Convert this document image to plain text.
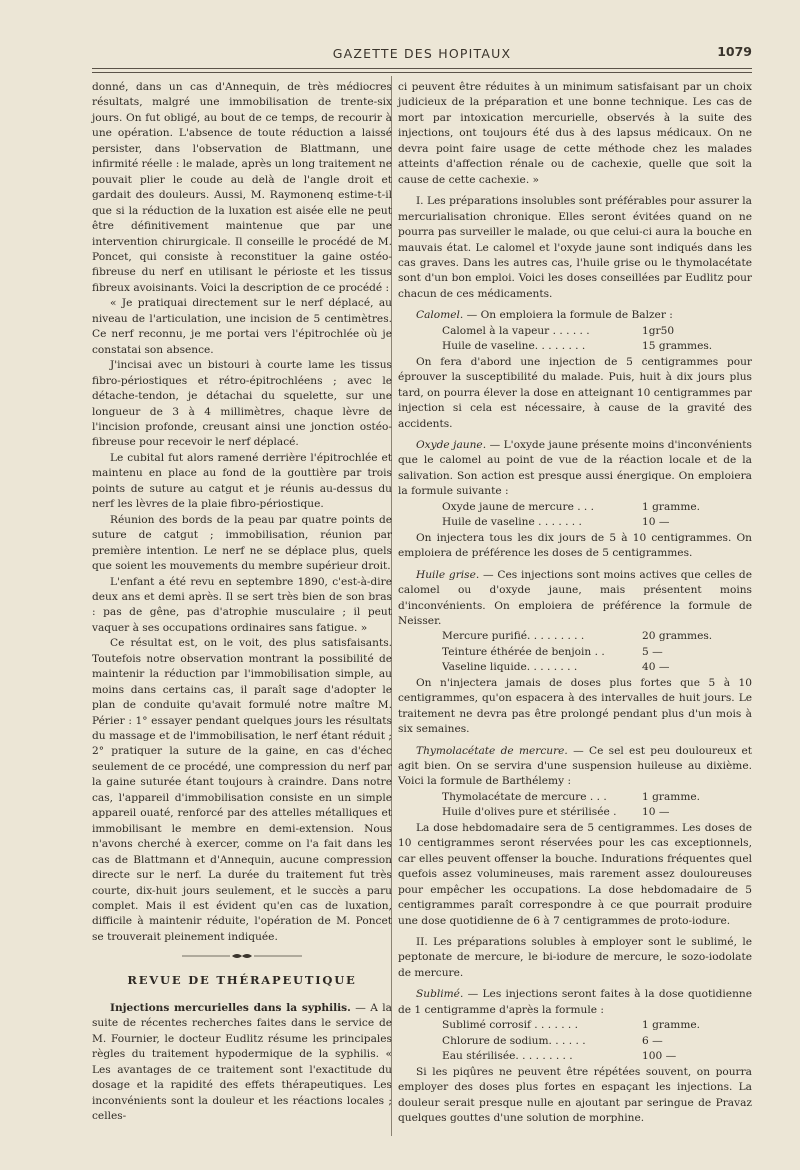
GAZETTE DES HOPITAUX	1079

donné, dans un cas d'Annequin, de très médiocres résultats, malgré une immobilisation de trente-six jours. On fut obligé, au bout de ce temps, de recourir à une opération. L'absence de toute réduction a laissé persister, dans l'observation de Blattmann, une infirmité réelle : le malade, après un long traitement ne pouvait plier le coude au delà de l'angle droit et gardait des douleurs. Aussi, M. Raymonenq estime-t-il que si la réduction de la luxation est aisée elle ne peut être définitivement maintenue que par une intervention chirurgicale. Il conseille le procédé de M. Poncet, qui consiste à reconstituer la gaine ostéo-fibreuse du nerf en utilisant le périoste et les tissus fibreux avoisinants. Voici la description de ce procédé :

« Je pratiquai directement sur le nerf déplacé, au niveau de l'articulation, une incision de 5 centimètres. Ce nerf reconnu, je me portai vers l'épitrochlée où je constatai son absence.

J'incisai avec un bistouri à courte lame les tissus fibro-périostiques et rétro-épitrochléens ; avec le détache-tendon, je détachai du squelette, sur une longueur de 3 à 4 millimètres, chaque lèvre de l'incision profonde, creusant ainsi une jonction ostéo-fibreuse pour recevoir le nerf déplacé.

Le cubital fut alors ramené derrière l'épitrochlée et maintenu en place au fond de la gouttière par trois points de suture au catgut et je réunis au-dessus du nerf les lèvres de la plaie fibro-périostique.

Réunion des bords de la peau par quatre points de suture de catgut ; immobilisation, réunion par première intention. Le nerf ne se déplace plus, quels que soient les mouvements du membre supérieur droit.

L'enfant a été revu en septembre 1890, c'est-à-dire deux ans et demi après. Il se sert très bien de son bras : pas de gêne, pas d'atrophie musculaire ; il peut vaquer à ses occupations ordinaires sans fatigue. »

Ce résultat est, on le voit, des plus satisfaisants. Toutefois notre observation montrant la possibilité de maintenir la réduction par l'immobilisation simple, au moins dans certains cas, il paraît sage d'adopter le plan de conduite qu'avait formulé notre maître M. Périer : 1° essayer pendant quelques jours les résultats du massage et de l'immobilisation, le nerf étant réduit ; 2° pratiquer la suture de la gaine, en cas d'échec seulement de ce procédé, une compression du nerf par la gaine suturée étant toujours à craindre. Dans notre cas, l'appareil d'immobilisation consiste en un simple appareil ouaté, renforcé par des attelles métalliques et immobilisant le membre en demi-extension. Nous n'avons cherché à exercer, comme on l'a fait dans les cas de Blattmann et d'Annequin, aucune compression directe sur le nerf. La durée du traitement fut très courte, dix-huit jours seulement, et le succès a paru complet. Mais il est évident qu'en cas de luxation, difficile à maintenir réduite, l'opération de M. Poncet se trouverait pleinement indiquée.

REVUE DE THÉRAPEUTIQUE

Injections mercurielles dans la syphilis. — A la suite de récentes recherches faites dans le service de M. Fournier, le docteur Eudlitz résume les principales règles du traitement hypodermique de la syphilis. « Les avantages de ce traitement sont l'exactitude du dosage et la rapidité des effets thérapeutiques. Les inconvénients sont la douleur et les réactions locales ; celles-

ci peuvent être réduites à un minimum satisfaisant par un choix judicieux de la préparation et une bonne technique. Les cas de mort par intoxication mercurielle, observés à la suite des injections, ont toujours été dus à des lapsus médicaux. On ne devra point faire usage de cette méthode chez les malades atteints d'affection rénale ou de cachexie, quelle que soit la cause de cette cachexie. »

I. Les préparations insolubles sont préférables pour assurer la mercurialisation chronique. Elles seront évitées quand on ne pourra pas surveiller le malade, ou que celui-ci aura la bouche en mauvais état. Le calomel et l'oxyde jaune sont indiqués dans les cas graves. Dans les autres cas, l'huile grise ou le thymolacétate sont d'un bon emploi. Voici les doses conseillées par Eudlitz pour chacun de ces médicaments.

Calomel. — On emploiera la formule de Balzer :

Calomel à la vapeur . . . . . .	1gr50
Huile de vaseline. . . . . . . .	15 grammes.

On fera d'abord une injection de 5 centigrammes pour éprouver la susceptibilité du malade. Puis, huit à dix jours plus tard, on pourra élever la dose en atteignant 10 centigrammes par injection si cela est nécessaire, à cause de la gravité des accidents.

Oxyde jaune. — L'oxyde jaune présente moins d'inconvénients que le calomel au point de vue de la réaction locale et de la salivation. Son action est presque aussi énergique. On emploiera la formule suivante :

Oxyde jaune de mercure . . .	1 gramme.
Huile de vaseline . . . . . . .	10 —

On injectera tous les dix jours de 5 à 10 centigrammes. On emploiera de préférence les doses de 5 centigrammes.

Huile grise. — Ces injections sont moins actives que celles de calomel ou d'oxyde jaune, mais présentent moins d'inconvénients. On emploiera de préférence la formule de Neisser.

Mercure purifié. . . . . . . . .	20 grammes.
Teinture éthérée de benjoin . .	5 —
Vaseline liquide. . . . . . . .	40 —

On n'injectera jamais de doses plus fortes que 5 à 10 centigrammes, qu'on espacera à des intervalles de huit jours. Le traitement ne devra pas être prolongé pendant plus d'un mois à six semaines.

Thymolacétate de mercure. — Ce sel est peu douloureux et agit bien. On se servira d'une suspension huileuse au dixième. Voici la formule de Barthélemy :

Thymolacétate de mercure . . .	1 gramme.
Huile d'olives pure et stérilisée .	10 —

La dose hebdomadaire sera de 5 centigrammes. Les doses de 10 centigrammes seront réservées pour les cas exceptionnels, car elles peuvent offenser la bouche. Indurations fréquentes quel quefois assez volumineuses, mais rarement assez douloureuses pour empêcher les occupations. La dose hebdomadaire de 5 centigrammes paraît correspondre à ce que pourrait produire une dose quotidienne de 6 à 7 centigrammes de proto-iodure.

II. Les préparations solubles à employer sont le sublimé, le peptonate de mercure, le bi-iodure de mercure, le sozo-iodolate de mercure.

Sublimé. — Les injections seront faites à la dose quotidienne de 1 centigramme d'après la formule :

Sublimé corrosif . . . . . . .	1 gramme.
Chlorure de sodium. . . . . .	6 —
Eau stérilisée. . . . . . . . .	100 —

Si les piqûres ne peuvent être répétées souvent, on pourra employer des doses plus fortes en espaçant les injections. La douleur serait presque nulle en ajoutant par seringue de Pravaz quelques gouttes d'une solution de morphine.
